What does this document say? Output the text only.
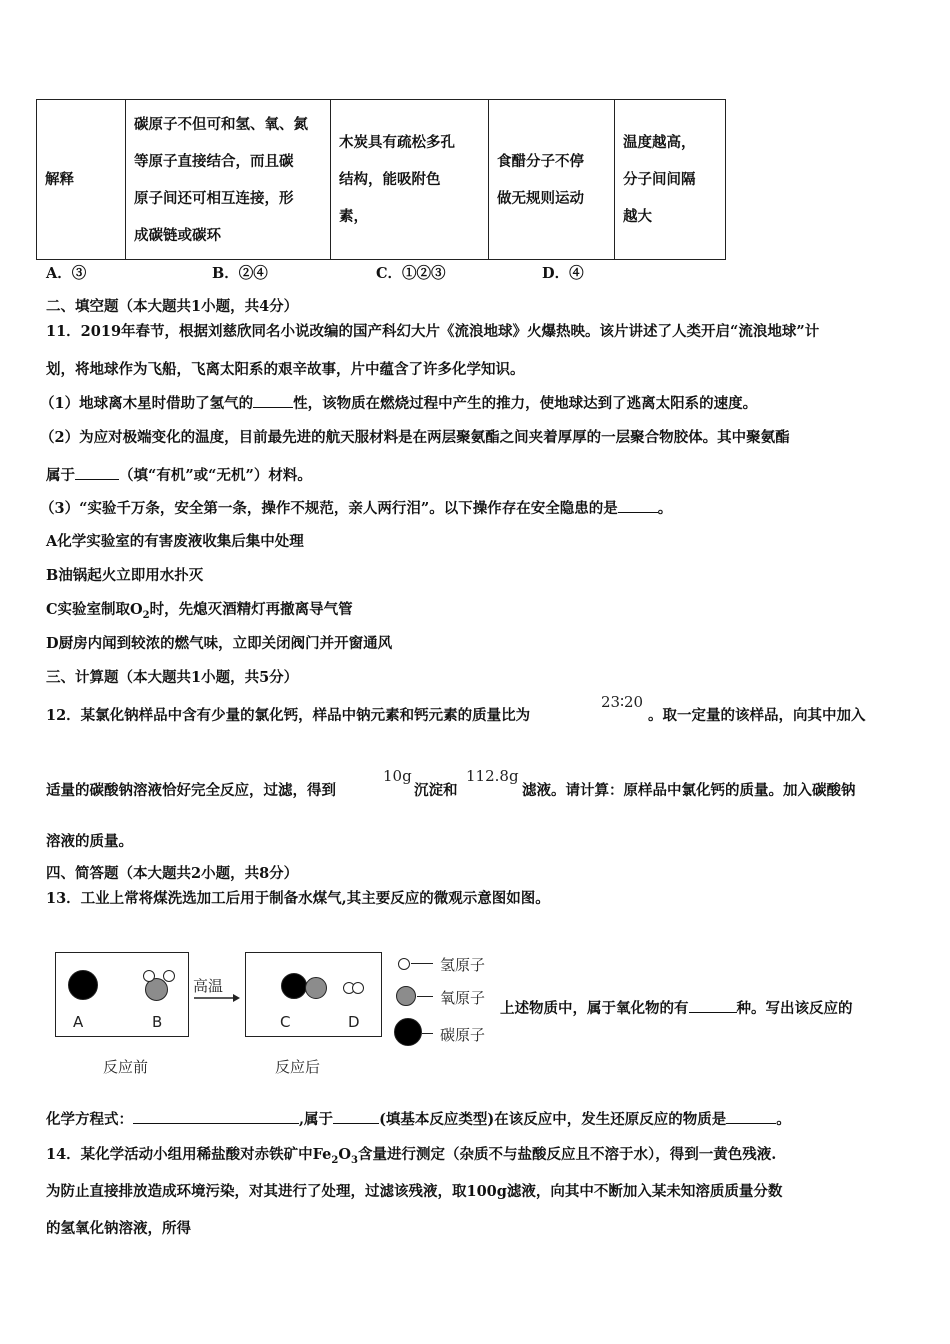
解释	
碳原子不但可和氢、氧、氮
等原子直接结合，而且碳
原子间还可相互连接，形
成碳链或碳环

木炭具有疏松多孔
结构，能吸附色
素，

食醋分子不停
做无规则运动

温度越高，
分子间间隔
越大
A．③	B．②④	C．①②③	D．④
二、填空题（本大题共1小题，共4分）
11．2019年春节，根据刘慈欣同名小说改编的国产科幻大片《流浪地球》火爆热映。该片讲述了人类开启“流浪地球”计
划，将地球作为飞船，飞离太阳系的艰辛故事，片中蕴含了许多化学知识。
（1）地球离木星时借助了氢气的	性，该物质在燃烧过程中产生的推力，使地球达到了逃离太阳系的速度。
（2）为应对极端变化的温度，目前最先进的航天服材料是在两层聚氨酯之间夹着厚厚的一层聚合物胶体。其中聚氨酯
属于	（填“有机”或“无机”）材料。
（3）“实验千万条，安全第一条，操作不规范，亲人两行泪”。以下操作存在安全隐患的是	。
A化学实验室的有害废液收集后集中处理
B油锅起火立即用水扑灭
C实验室制取$O_2$时，先熄灭酒精灯再撤离导气管
D厨房内闻到较浓的燃气味，立即关闭阀门并开窗通风
三、计算题（本大题共1小题，共5分）
12．某氯化钠样品中含有少量的氯化钙，样品中钠元素和钙元素的质量比为
23∶20
。取一定量的该样品，向其中加入
适量的碳酸钠溶液恰好完全反应，过滤，得到
10g
沉淀和
112.8g
滤液。请计算：原样品中氯化钙的质量。加入碳酸钠
溶液的质量。
四、简答题（本大题共2小题，共8分）
13．工业上常将煤洗选加工后用于制备水煤气,其主要反应的微观示意图如图。
A	B
高温
C	D
反应前	反应后
氢原子
氧原子
碳原子
上述物质中，属于氧化物的有	种。写出该反应的
化学方程式：	,属于	(填基本反应类型)在该反应中，发生还原反应的物质是	。
14．某化学活动小组用稀盐酸对赤铁矿中$Fe_2O_3$含量进行测定（杂质不与盐酸反应且不溶于水），得到一黄色残液.
为防止直接排放造成环境污染，对其进行了处理，过滤该残液，取100g滤液，向其中不断加入某未知溶质质量分数
的氢氧化钠溶液，所得
